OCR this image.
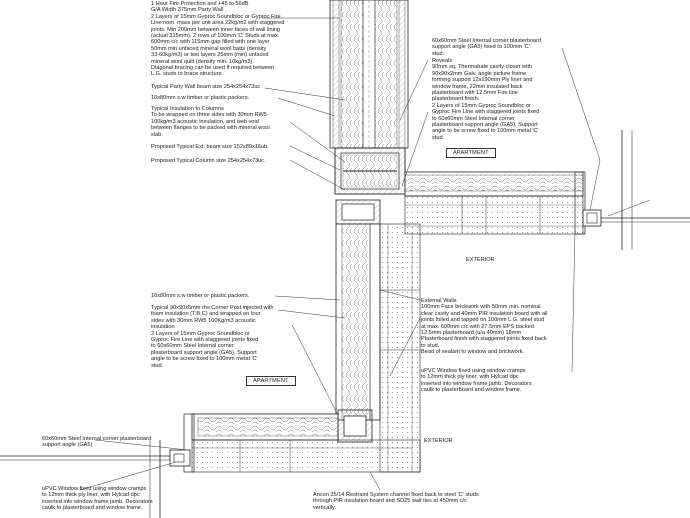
1 Hour Fire Protection and +45 to 56dB
G/A Width 375mm Party Wall
2 Layers of 15mm Gyproc Soundbloc or Gyproc Fire
Line nom. mass per unit area 22kg/m2 with staggered
joints. Min 200mm between inner faces of wall lining
(actual 315mm). 2 rows of 100mm 'C' Studs at max.
600mm c/c with 115mm gap filled with one layer
50mm min unfaced mineral wool batts (density
33-60kg/m3) or two layers 25mm (min) unfaced
mineral wool quilt (density min. 10kg/m3).
Diagonal bracing can be used if required between
L.G. studs to brace structure.
Typical Party Wall beam size 254x254x73uc
10x80mm s.w timber or plastic packers.
Typical Insulation to Columns
To be wrapped on three sides with 30mm RW5
100kg/m3 acoustic insulation, and web void
between flanges to be packed with mineral wool
slab.
Proposed Typical Ext. beam size 152x89x16ub.
Proposed Typical Column size 254x254x73uc.
60x60mm Steel Internal corner plasterboard
support angle (GA5) fixed to 100mm 'C'
stud.
Reveals
90mm sq. Thermabate cavity closer with
90x90x2mm Galv. angle picture frame
forming support 12x190mm Ply liner and
window frame, 22mm insulated back
plasterboard with 12.5mm Fire line
plasterboard finish.
2 Layers of 15mm Gyproc Soundbloc or
Gyproc Fire Line with staggered joints fixed
to 60x60mm Steel Internal corner
plasterboard support angle (GA5). Support
angle to be screw fixed to 100mm metal 'C'
stud.
10x80mm s.w timber or plastic packers.
Typical 90x90x5mm rhs Corner Post injected with
foam insulation (T.B.C) and wrapped on four
sides with 30mm RW5 100Kg/m3 acoustic
insulation
2 Layers of 15mm Gyproc Soundbloc or
Gyproc Fire Line with staggered joints fixed
to 60x60mm Steel Internal corner
plasterboard support angle (GA5). Support
angle to be screw fixed to 100mm metal 'C'
stud.
External Walls
100mm Face brickwork with 50mm min. nominal
clear cavity and 40mm PIR insulation board with all
joints foiled and tapped on 100mm L.G. steel stud
at max. 600mm c/c with 27.5mm EPS backed
12.5mm plasterboard (u/a 40mm) 18mm
Plasterboard finish with staggered joints fixed back
to stud.
Bead of sealant to window and brickwork.
uPVC Window fixed using window cramps
to 12mm thick ply liner, with Hylcad dpc
inserted into window frame jamb. Decorators
caulk to plasterboard and window frame.
60x60mm Steel Internal corner plasterboard
support angle (GA5)
uPVC Window fixed using window cramps
to 12mm thick ply liner, with Hylcad dpc
inserted into window frame jamb. Decorators
caulk to plasterboard and window frame.
Ancon 25/14 Restraint System channel fixed back to steel 'C' studs
through PIR insulation board and SD25 wall ties at 450mm c/c
vertically.
APARTMENT
APARTMENT
EXTERIOR
EXTERIOR
